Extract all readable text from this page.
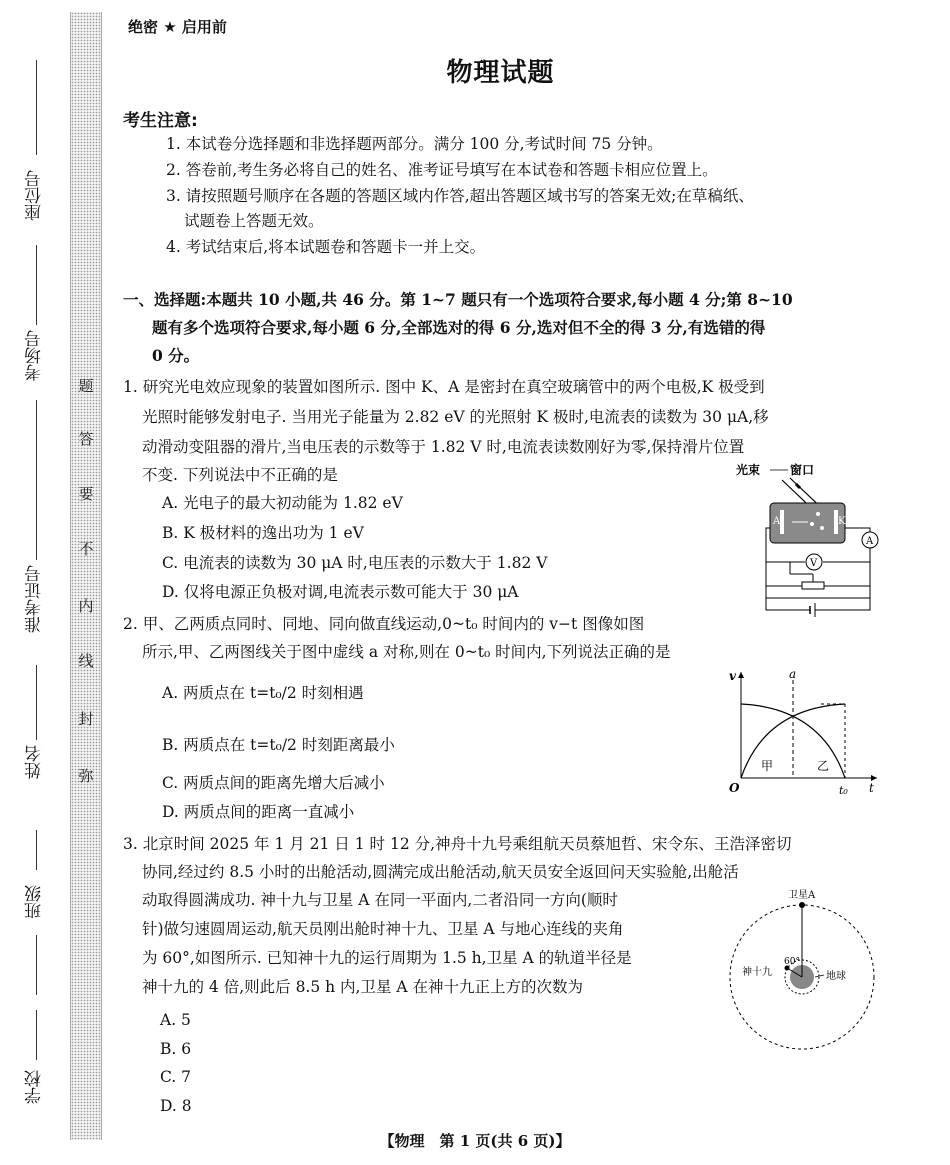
座位号
考场号
准考证号
姓名
班级
学校
题
答
要
不
内
线
封
弥
绝密 ★ 启用前
物理试题
考生注意:
1. 本试卷分选择题和非选择题两部分。满分 100 分,考试时间 75 分钟。
2. 答卷前,考生务必将自己的姓名、准考证号填写在本试卷和答题卡相应位置上。
3. 请按照题号顺序在各题的答题区域内作答,超出答题区域书写的答案无效;在草稿纸、
试题卷上答题无效。
4. 考试结束后,将本试题卷和答题卡一并上交。
一、选择题:本题共 10 小题,共 46 分。第 1~7 题只有一个选项符合要求,每小题 4 分;第 8~10
题有多个选项符合要求,每小题 6 分,全部选对的得 6 分,选对但不全的得 3 分,有选错的得
0 分。
1. 研究光电效应现象的装置如图所示. 图中 K、A 是密封在真空玻璃管中的两个电极,K 极受到
光照时能够发射电子. 当用光子能量为 2.82 eV 的光照射 K 极时,电流表的读数为 30 μA,移
动滑动变阻器的滑片,当电压表的示数等于 1.82 V 时,电流表读数刚好为零,保持滑片位置
不变. 下列说法中不正确的是
A. 光电子的最大初动能为 1.82 eV
B. K 极材料的逸出功为 1 eV
C. 电流表的读数为 30 μA 时,电压表的示数大于 1.82 V
D. 仅将电源正负极对调,电流表示数可能大于 30 μA
2. 甲、乙两质点同时、同地、同向做直线运动,0~t₀ 时间内的 v−t 图像如图
所示,甲、乙两图线关于图中虚线 a 对称,则在 0~t₀ 时间内,下列说法正确的是
A. 两质点在 t=t₀/2 时刻相遇
B. 两质点在 t=t₀/2 时刻距离最小
C. 两质点间的距离先增大后减小
D. 两质点间的距离一直减小
3. 北京时间 2025 年 1 月 21 日 1 时 12 分,神舟十九号乘组航天员蔡旭哲、宋令东、王浩泽密切
协同,经过约 8.5 小时的出舱活动,圆满完成出舱活动,航天员安全返回问天实验舱,出舱活
动取得圆满成功. 神十九与卫星 A 在同一平面内,二者沿同一方向(顺时
针)做匀速圆周运动,航天员刚出舱时神十九、卫星 A 与地心连线的夹角
为 60°,如图所示. 已知神十九的运行周期为 1.5 h,卫星 A 的轨道半径是
神十九的 4 倍,则此后 8.5 h 内,卫星 A 在神十九正上方的次数为
A. 5
B. 6
C. 7
D. 8
光束 窗口
A	K
A
V
v
t
O
a
甲	乙
t₀
卫星A
60°
神十九	地球
【物理　第 1 页(共 6 页)】
